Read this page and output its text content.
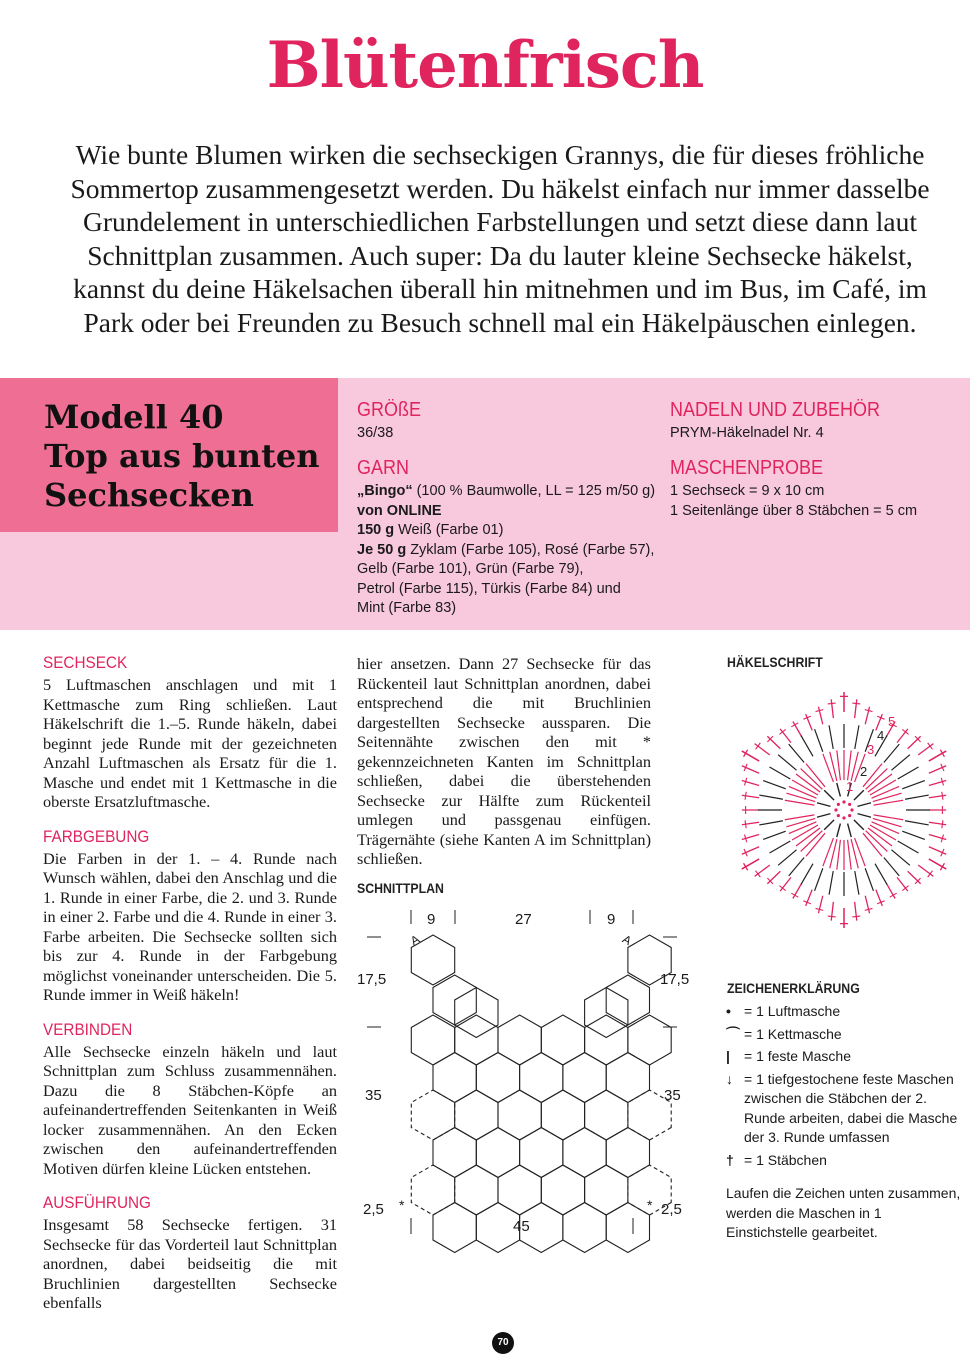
Blütenfrisch
Wie bunte Blumen wirken die sechseckigen Grannys, die für dieses fröhliche
Sommertop zusammengesetzt werden. Du häkelst einfach nur immer dasselbe
Grundelement in unterschiedlichen Farbstellungen und setzt diese dann laut
Schnittplan zusammen. Auch super: Da du lauter kleine Sechsecke häkelst,
kannst du deine Häkelsachen überall hin mitnehmen und im Bus, im Café, im
Park oder bei Freunden zu Besuch schnell mal ein Häkelpäuschen einlegen.
Modell 40
Top aus bunten
Sechsecken
GRÖßE
36/38
GARN
„Bingo“ (100 % Baumwolle, LL = 125 m/50 g)
von ONLINE
150 g Weiß (Farbe 01)
Je 50 g Zyklam (Farbe 105), Rosé (Farbe 57),
Gelb (Farbe 101), Grün (Farbe 79),
Petrol (Farbe 115), Türkis (Farbe 84) und
Mint (Farbe 83)
NADELN UND ZUBEHÖR
PRYM-Häkelnadel Nr. 4
MASCHENPROBE
1 Sechseck = 9 x 10 cm
1 Seitenlänge über 8 Stäbchen = 5 cm
SECHSECK

5 Luftmaschen anschlagen und mit 1 Kettmasche zum Ring schließen. Laut Häkelschrift die 1.–5. Runde häkeln, dabei beginnt jede Runde mit der gezeichneten Anzahl Luftmaschen als Ersatz für die 1. Masche und endet mit 1 Kettmasche in die oberste Ersatzluftmasche.

FARBGEBUNG

Die Farben in der 1. – 4. Runde nach Wunsch wählen, dabei den Anschlag und die 1. Runde in einer Farbe, die 2. und 3. Runde in einer 2. Farbe und die 4. Runde in einer 3. Farbe arbeiten. Die Sechsecke sollten sich bis zur 4. Runde in der Farbgebung möglichst voneinander unterscheiden. Die 5. Runde immer in Weiß häkeln!

VERBINDEN

Alle Sechsecke einzeln häkeln und laut Schnittplan zum Schluss zusammennähen. Dazu die 8 Stäbchen-Köpfe an aufeinandertreffenden Seitenkanten in Weiß locker zusammennähen. An den Ecken zwischen den aufeinandertreffenden Motiven dürfen kleine Lücken entstehen.

AUSFÜHRUNG

Insgesamt 58 Sechsecke fertigen. 31 Sechsecke für das Vorderteil laut Schnittplan anordnen, dabei beidseitig die mit Bruchlinien dargestellten Sechsecke ebenfalls

hier ansetzen. Dann 27 Sechsecke für das Rückenteil laut Schnittplan anordnen, dabei entsprechend die mit Bruchlinien dargestellten Sechsecke aussparen. Die Seitennähte zwischen den mit * gekennzeichneten Kanten im Schnittplan schließen, dabei die überstehenden Sechsecke zur Hälfte zum Rückenteil umlegen und passgenau einfügen. Trägernähte (siehe Kanten A im Schnittplan) schließen.

SCHNITTPLAN
9	27	9
17,5	17,5
35	35
2,5	2,5
45
A	A
*	*
HÄKELSCHRIFT
5
4
3
2
1
ZEICHENERKLÄRUNG
• = 1 Luftmasche
⌒ = 1 Kettmasche
|	= 1 feste Masche
↓ = 1 tiefgestochene feste Maschen zwischen die Stäbchen der 2. Runde arbeiten, dabei die Masche der 3. Runde umfassen
† = 1 Stäbchen
Laufen die Zeichen unten zusammen, werden die Maschen in 1 Einstichstelle gearbeitet.
70
